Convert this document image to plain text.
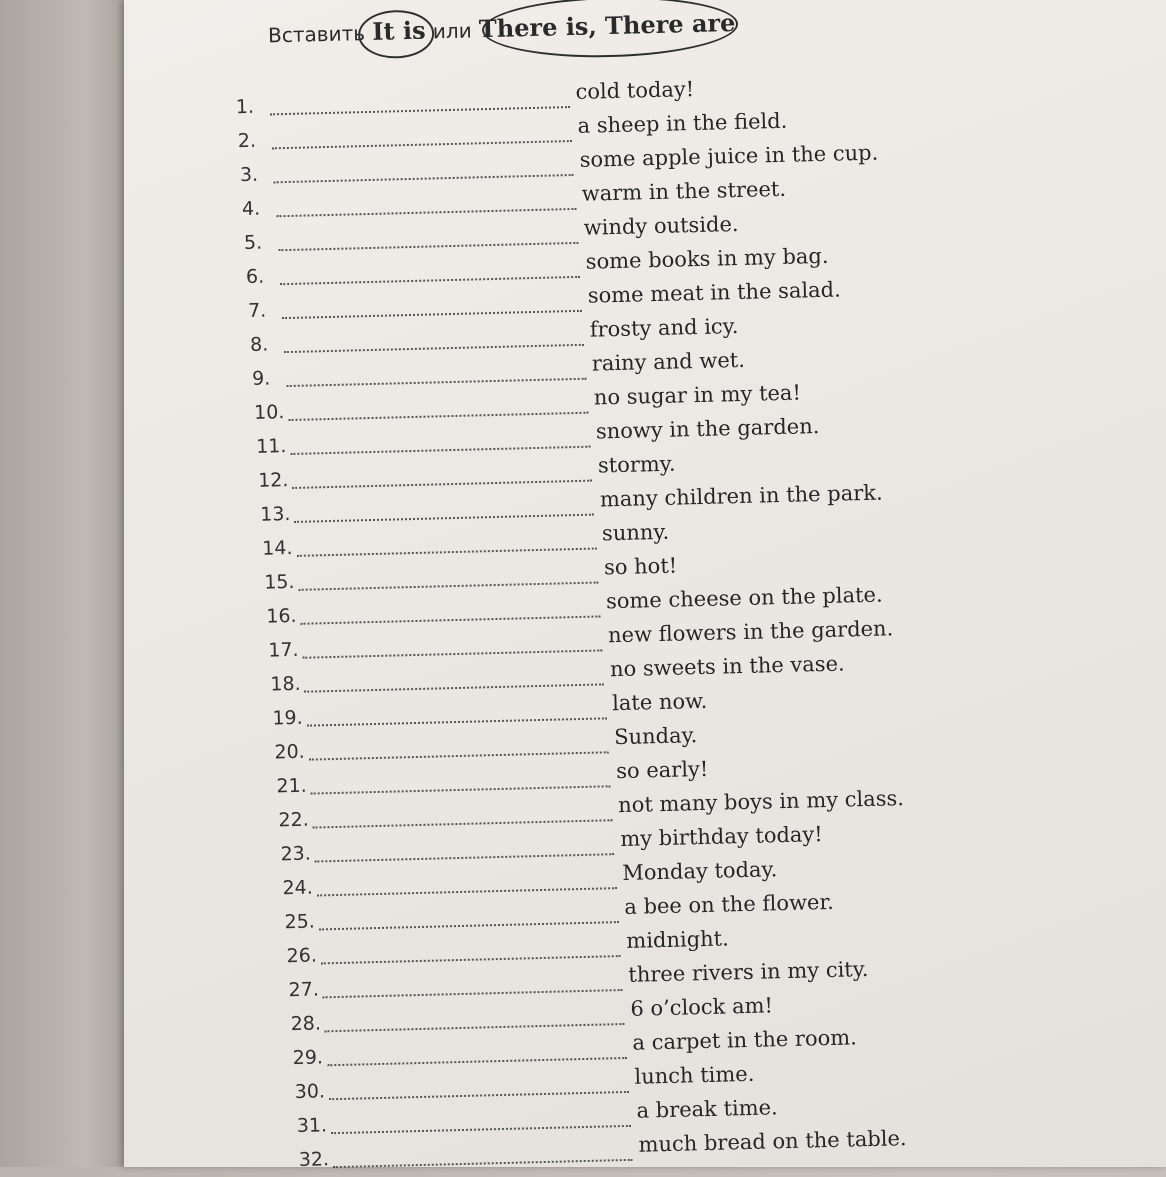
Вставить It is или There is, There are
1.
cold today!
2.
a sheep in the field.
3.
some apple juice in the cup.
4.
warm in the street.
5.
windy outside.
6.
some books in my bag.
7.
some meat in the salad.
8.
frosty and icy.
9.
rainy and wet.
10.
no sugar in my tea!
11.
snowy in the garden.
12.
stormy.
13.
many children in the park.
14.
sunny.
15.
so hot!
16.
some cheese on the plate.
17.
new flowers in the garden.
18.
no sweets in the vase.
19.
late now.
20.
Sunday.
21.
so early!
22.
not many boys in my class.
23.
my birthday today!
24.
Monday today.
25.
a bee on the flower.
26.
midnight.
27.
three rivers in my city.
28.
6 o’clock am!
29.
a carpet in the room.
30.
lunch time.
31.
a break time.
32.
much bread on the table.
